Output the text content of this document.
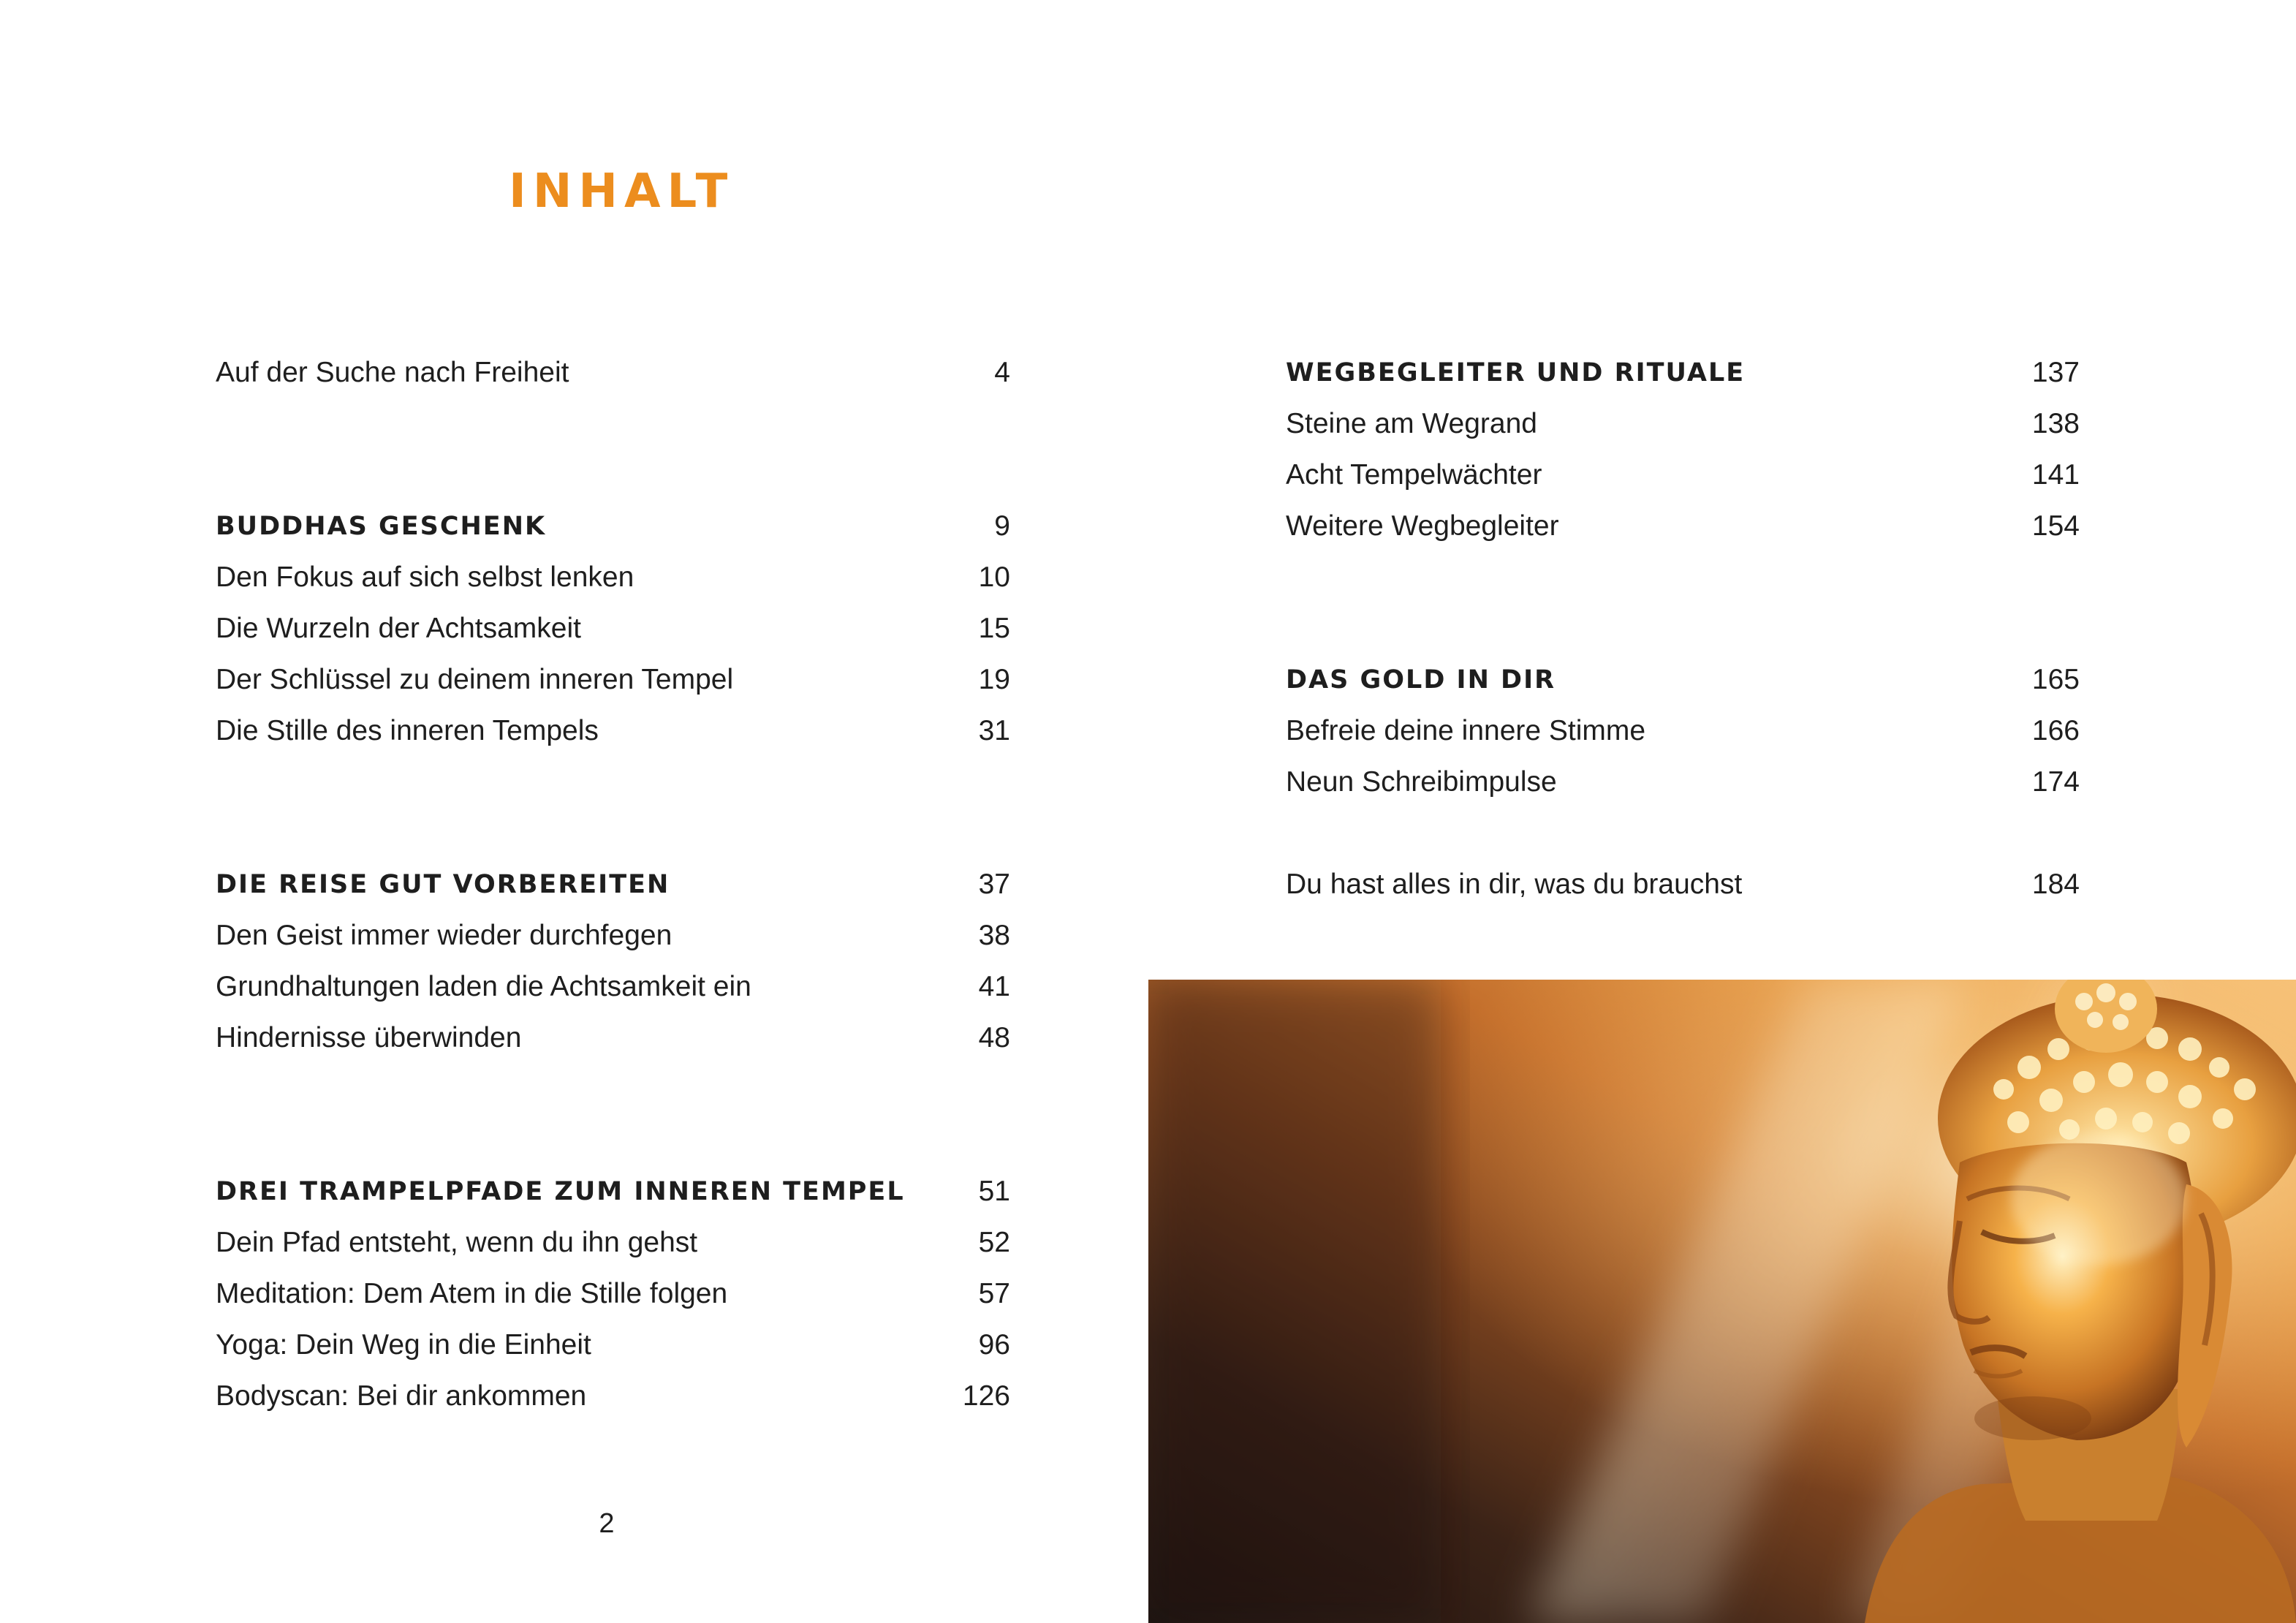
INHALT
Auf der Suche nach Freiheit	4
BUDDHAS GESCHENK	9
Den Fokus auf sich selbst lenken	10
Die Wurzeln der Achtsamkeit	15
Der Schlüssel zu deinem inneren Tempel	19
Die Stille des inneren Tempels	31
DIE REISE GUT VORBEREITEN	37
Den Geist immer wieder durchfegen	38
Grundhaltungen laden die Achtsamkeit ein	41
Hindernisse überwinden	48
DREI TRAMPELPFADE ZUM INNEREN TEMPEL	51
Dein Pfad entsteht, wenn du ihn gehst	52
Meditation: Dem Atem in die Stille folgen	57
Yoga: Dein Weg in die Einheit	96
Bodyscan: Bei dir ankommen	126
WEGBEGLEITER UND RITUALE	137
Steine am Wegrand	138
Acht Tempelwächter	141
Weitere Wegbegleiter	154
DAS GOLD IN DIR	165
Befreie deine innere Stimme	166
Neun Schreibimpulse	174
Du hast alles in dir, was du brauchst	184
2
